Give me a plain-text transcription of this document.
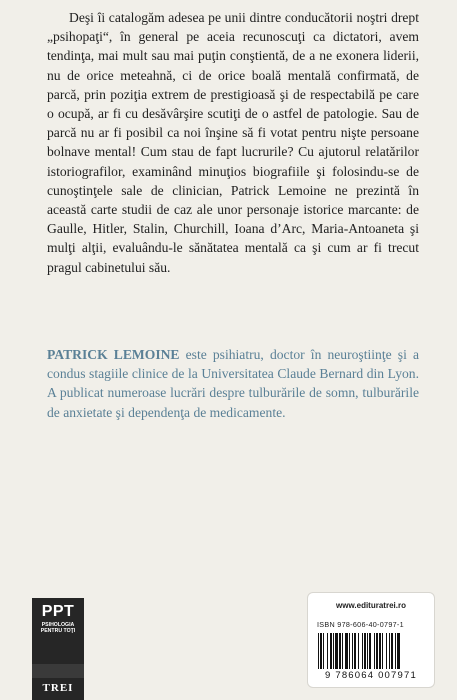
Deşi îi catalogăm adesea pe unii dintre conducătorii noştri drept „psihopaţi“, în general pe aceia recunoscuţi ca dictatori, avem tendinţa, mai mult sau mai puţin conştientă, de a ne exonera liderii, nu de orice meteahnă, ci de orice boală mentală confirmată, de parcă, prin poziţia extrem de prestigioasă şi de respectabilă pe care o ocupă, ar fi cu desăvârşire scutiţi de o astfel de patologie. Sau de parcă nu ar fi posibil ca noi înşine să fi votat pentru nişte persoane bolnave mental! Cum stau de fapt lucrurile? Cu ajutorul relatărilor istoriografilor, examinând minuţios biografiile şi folosindu-se de cunoştinţele sale de clinician, Patrick Lemoine ne prezintă în această carte studii de caz ale unor personaje istorice marcante: de Gaulle, Hitler, Stalin, Churchill, Ioana d’Arc, Maria-Antoaneta şi mulţi alţii, evaluându-le sănătatea mentală ca şi cum ar fi trecut pragul cabinetului său.

PATRICK LEMOINE este psihiatru, doctor în neuroştiinţe şi a condus stagiile clinice de la Universitatea Claude Bernard din Lyon. A publicat numeroase lucrări despre tulburările de somn, tulburările de anxietate şi dependenţa de medicamente.

PPT
PSIHOLOGIA PENTRU TOŢI
TREI
www.edituratrei.ro
ISBN 978-606-40-0797-1
9 786064 007971
